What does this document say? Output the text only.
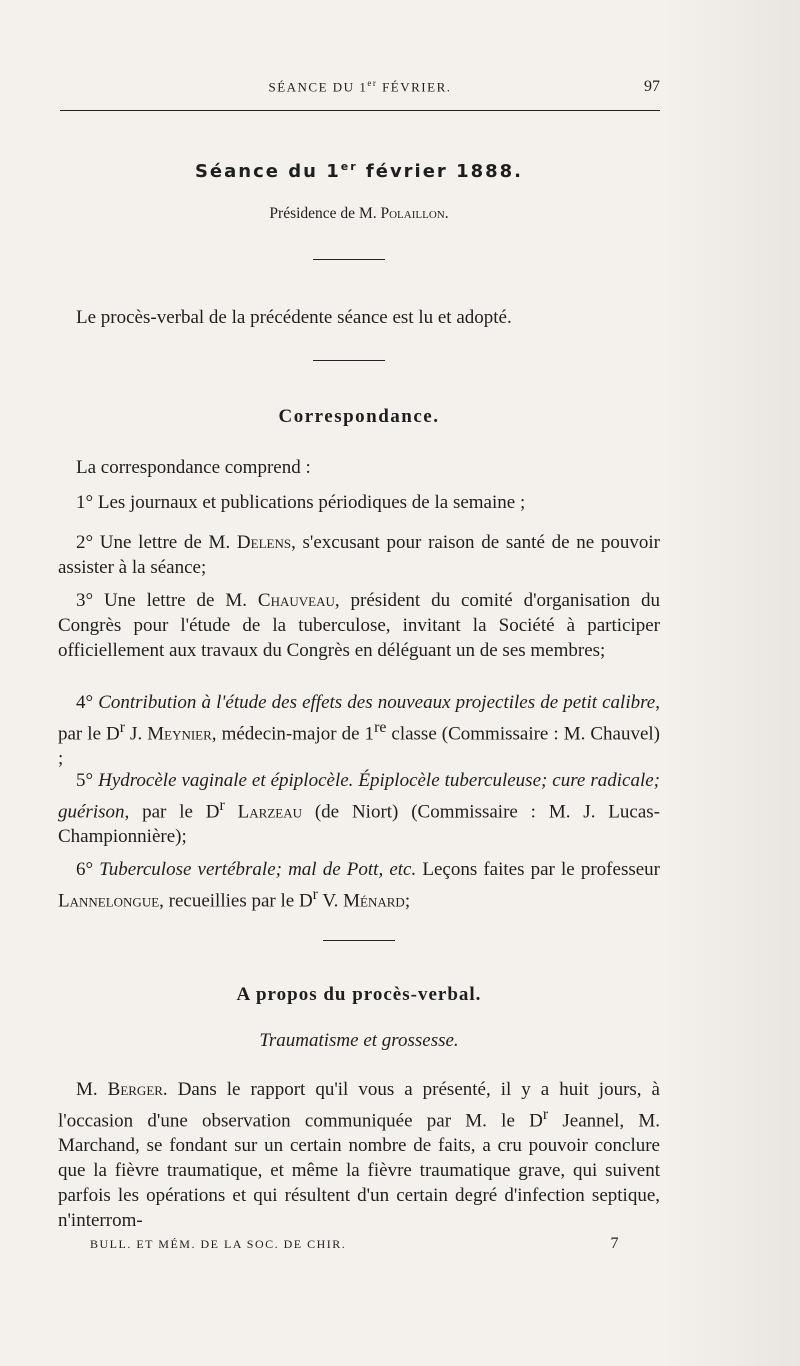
SÉANCE DU 1er FÉVRIER.	97
Séance du 1er février 1888.
Présidence de M. Polaillon.
Le procès-verbal de la précédente séance est lu et adopté.
Correspondance.
La correspondance comprend :
1° Les journaux et publications périodiques de la semaine ;
2° Une lettre de M. Delens, s'excusant pour raison de santé de ne pouvoir assister à la séance;
3° Une lettre de M. Chauveau, président du comité d'organisation du Congrès pour l'étude de la tuberculose, invitant la Société à participer officiellement aux travaux du Congrès en déléguant un de ses membres;
4° Contribution à l'étude des effets des nouveaux projectiles de petit calibre, par le $D^r$ J. Meynier, médecin-major de 1re classe (Commissaire : M. Chauvel) ;
5° Hydrocèle vaginale et épiplocèle. Épiplocèle tuberculeuse; cure radicale; guérison, par le $D^r$ Larzeau (de Niort) (Commissaire : M. J. Lucas-Championnière);
6° Tuberculose vertébrale; mal de Pott, etc. Leçons faites par le professeur Lannelongue, recueillies par le $D^r$ V. Ménard;
A propos du procès-verbal.
Traumatisme et grossesse.
M. Berger. Dans le rapport qu'il vous a présenté, il y a huit jours, à l'occasion d'une observation communiquée par M. le $D^r$ Jeannel, M. Marchand, se fondant sur un certain nombre de faits, a cru pouvoir conclure que la fièvre traumatique, et même la fièvre traumatique grave, qui suivent parfois les opérations et qui résultent d'un certain degré d'infection septique, n'interrom-
BULL. ET MÉM. DE LA SOC. DE CHIR.	7
